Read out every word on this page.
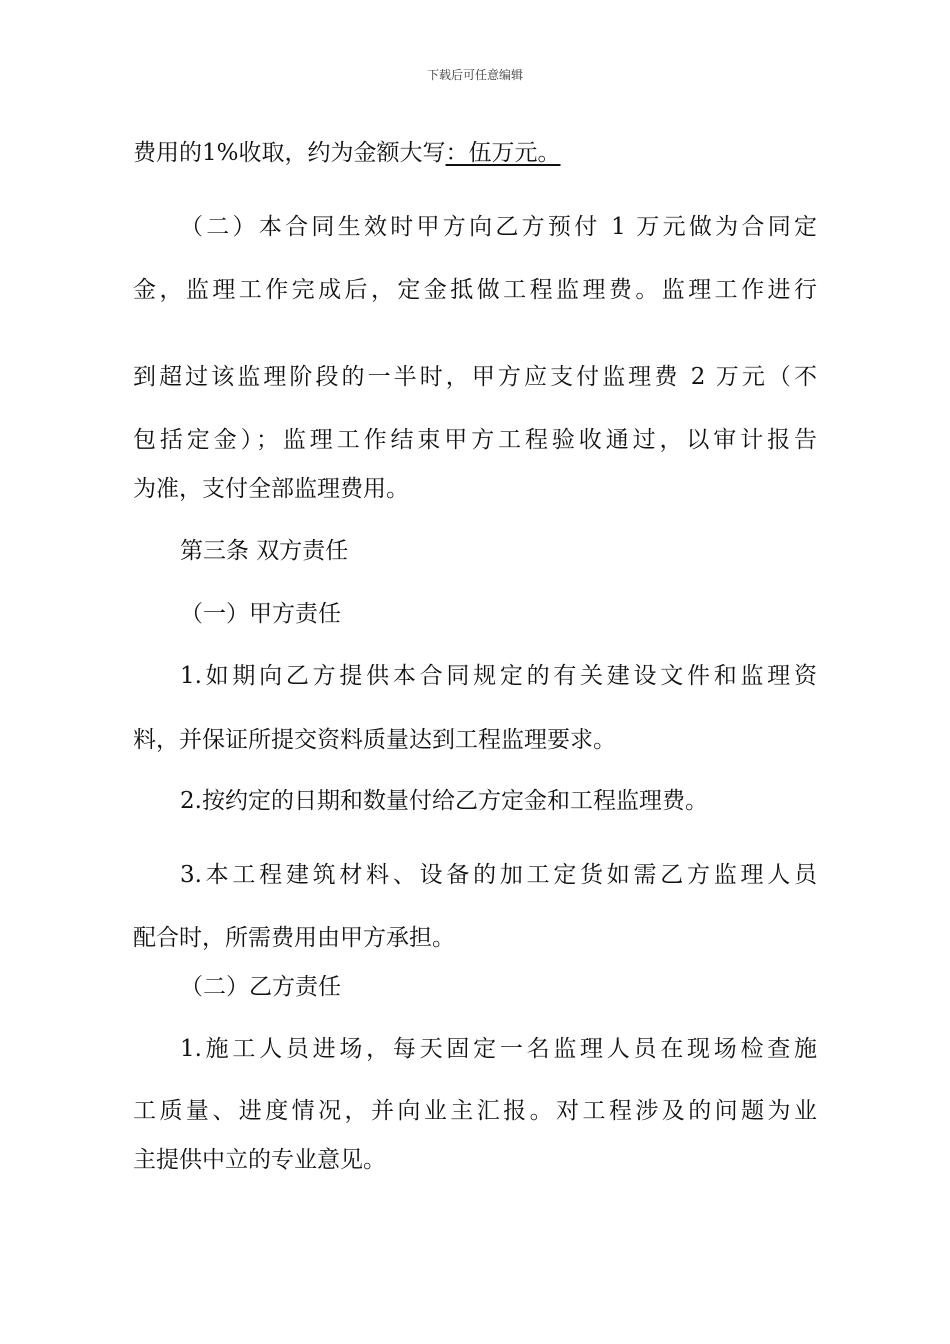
下载后可任意编辑
费用的1%收取，约为金额大写：伍万元。
（二）本合同生效时甲方向乙方预付 1 万元做为合同定
金，监理工作完成后，定金抵做工程监理费。监理工作进行
到超过该监理阶段的一半时，甲方应支付监理费 2 万元（不
包括定金）；监理工作结束甲方工程验收通过，以审计报告
为准，支付全部监理费用。
第三条 双方责任
（一）甲方责任
1.如期向乙方提供本合同规定的有关建设文件和监理资
料，并保证所提交资料质量达到工程监理要求。
2.按约定的日期和数量付给乙方定金和工程监理费。
3.本工程建筑材料、设备的加工定货如需乙方监理人员
配合时，所需费用由甲方承担。
（二）乙方责任
1.施工人员进场，每天固定一名监理人员在现场检查施
工质量、进度情况，并向业主汇报。对工程涉及的问题为业
主提供中立的专业意见。
